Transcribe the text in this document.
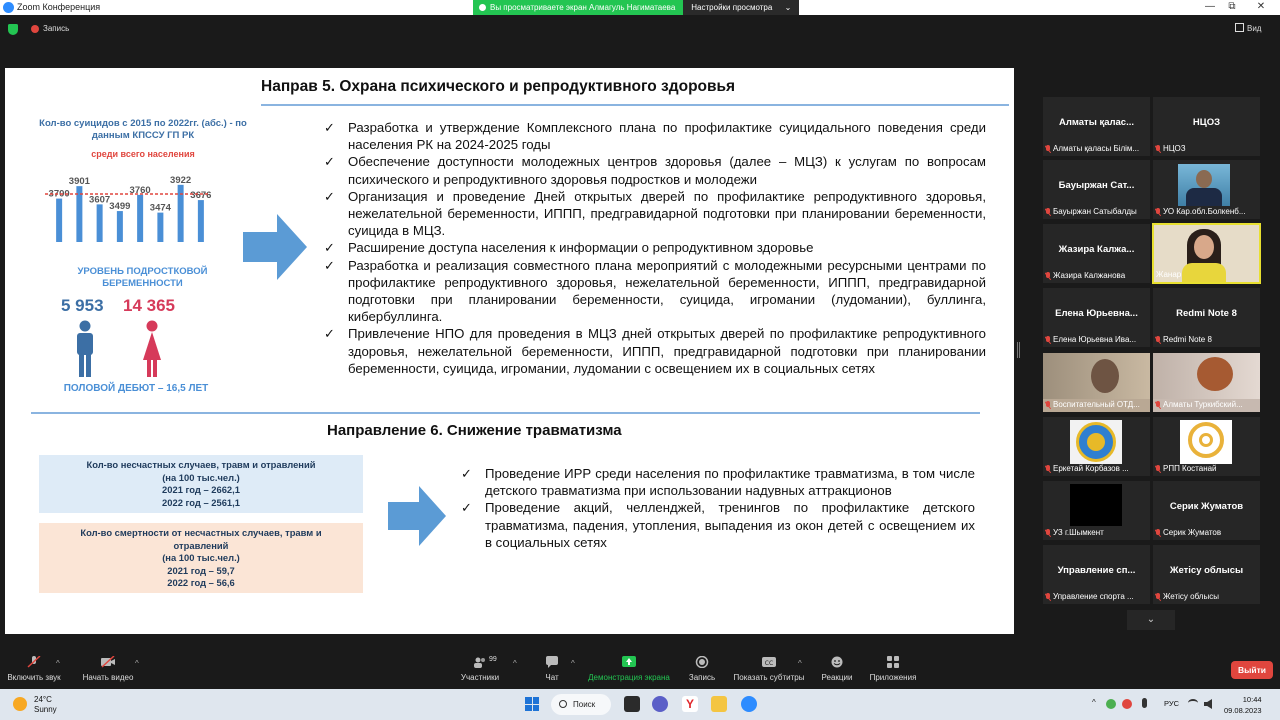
Zoom Конференция	—	⧉	✕
Вы просматриваете экран Алмагуль Нагиматаева	Настройки просмотра ⌄
Запись	Вид
Направ 5. Охрана психического и репродуктивного здоровья
Кол-во суицидов с 2015 по 2022гг. (абс.) - по данным КПССУ ГП РК
среди всего населения
3700
3901
3607
3499
3760
3474
3922
3676
УРОВЕНЬ ПОДРОСТКОВОЙ БЕРЕМЕННОСТИ
5 953 14 365
ПОЛОВОЙ ДЕБЮТ – 16,5 ЛЕТ
✓ Разработка и утверждение Комплексного плана по профилактике суицидального поведения среди населения РК на 2024-2025 годы
✓ Обеспечение доступности молодежных центров здоровья (далее – МЦЗ) к услугам по вопросам психического и репродуктивного здоровья подростков и молодежи
✓ Организация и проведение Дней открытых дверей по профилактике репродуктивного здоровья, нежелательной беременности, ИППП, предгравидарной подготовки при планировании беременности, суицида в МЦЗ.
✓ Расширение доступа населения к информации о репродуктивном здоровье
✓ Разработка и реализация совместного плана мероприятий с молодежными ресурсными центрами по профилактике репродуктивного здоровья, нежелательной беременности, ИППП, предгравидарной подготовки при планировании беременности, суицида, игромании (лудомании), буллинга, кибербуллинга.
✓ Привлечение НПО для проведения в МЦЗ дней открытых дверей по профилактике репродуктивного здоровья, нежелательной беременности, ИППП, предгравидарной подготовки при планировании беременности, суицида, игромании, лудомании с освещением их в социальных сетях
Направление 6. Снижение травматизма
Кол-во несчастных случаев, травм и отравлений
(на 100 тыс.чел.)
2021 год – 2662,1
2022 год – 2561,1
Кол-во смертности от несчастных случаев, травм и отравлений
(на 100 тыс.чел.)
2021 год – 59,7
2022 год – 56,6
✓ Проведение ИРР среди населения по профилактике травматизма, в том числе детского травматизма при использовании надувных аттракционов
✓ Проведение акций, челленджей, тренингов по профилактике детского травматизма, падения, утопления, выпадения из окон детей с освещением их в социальных сетях
Алматы қалас...
Алматы қаласы Білім...
НЦОЗ
НЦОЗ
Бауыржан Сат...
Бауыржан Сатыбалды	УО Кар.обл.Болкенб...
Жазира Калжа...
Жазира Калжанова	Жанар
Елена Юрьевна...
Елена Юрьевна Ива...
Redmi Note 8
Redmi Note 8
Воспитательный ОТД...	Алматы Туркибский...
Еркетай Корбазов ...	РПП Костанай
УЗ г.Шымкент
Серик Жуматов
Серик Жуматов
Управление сп...
Управление спорта ...
Жетісу облысы
Жетісу облысы
⌄
Включить звук
^
Начать видео
^
Участники
99 ^
Чат
^
Демонстрация экрана	Запись
CC
Показать субтитры
^
Реакции	Приложения
Выйти
24°C
Sunny
Поиск	Y	^	РУС	10:44
09.08.2023
